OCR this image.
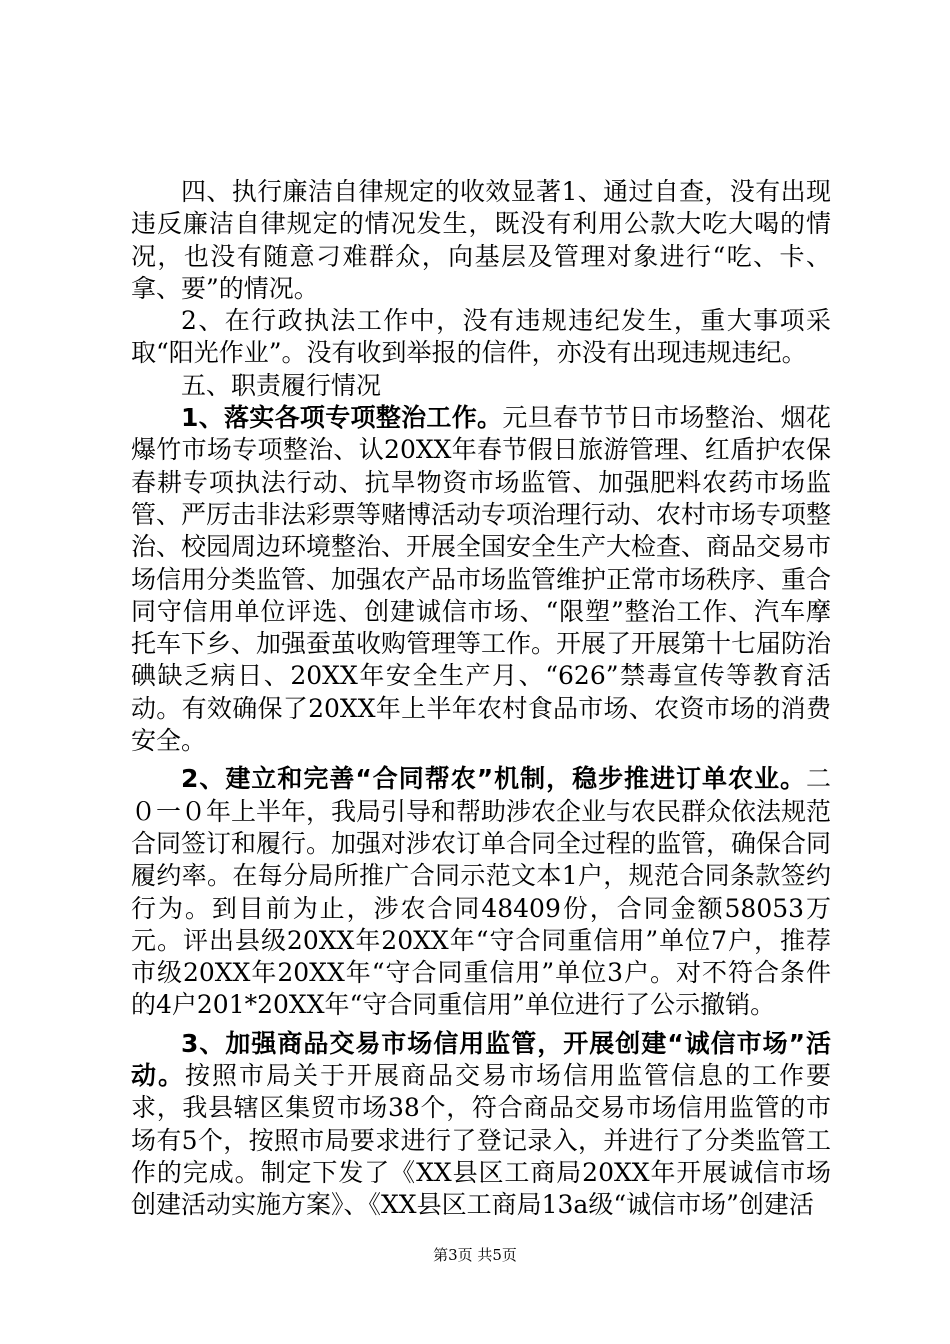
四、执行廉洁自律规定的收效显著1、通过自查，没有出现违反廉洁自律规定的情况发生，既没有利用公款大吃大喝的情况，也没有随意刁难群众，向基层及管理对象进行“吃、卡、拿、要”的情况。

2、在行政执法工作中，没有违规违纪发生，重大事项采取“阳光作业”。没有收到举报的信件，亦没有出现违规违纪。

五、职责履行情况

1、落实各项专项整治工作。元旦春节节日市场整治、烟花爆竹市场专项整治、认20XX年春节假日旅游管理、红盾护农保春耕专项执法行动、抗旱物资市场监管、加强肥料农药市场监管、严厉击非法彩票等赌博活动专项治理行动、农村市场专项整治、校园周边环境整治、开展全国安全生产大检查、商品交易市场信用分类监管、加强农产品市场监管维护正常市场秩序、重合同守信用单位评选、创建诚信市场、“限塑”整治工作、汽车摩托车下乡、加强蚕茧收购管理等工作。开展了开展第十七届防治碘缺乏病日、20XX年安全生产月、“626”禁毒宣传等教育活动。有效确保了20XX年上半年农村食品市场、农资市场的消费安全。

2、建立和完善“合同帮农”机制，稳步推进订单农业。二０一０年上半年，我局引导和帮助涉农企业与农民群众依法规范合同签订和履行。加强对涉农订单合同全过程的监管，确保合同履约率。在每分局所推广合同示范文本1户，规范合同条款签约行为。到目前为止，涉农合同48409份，合同金额58053万元。评出县级20XX年20XX年“守合同重信用”单位7户，推荐市级20XX年20XX年“守合同重信用”单位3户。对不符合条件的4户201*20XX年“守合同重信用”单位进行了公示撤销。

3、加强商品交易市场信用监管，开展创建“诚信市场”活动。按照市局关于开展商品交易市场信用监管信息的工作要求，我县辖区集贸市场38个，符合商品交易市场信用监管的市场有5个，按照市局要求进行了登记录入，并进行了分类监管工作的完成。制定下发了《XX县区工商局20XX年开展诚信市场创建活动实施方案》、《XX县区工商局13a级“诚信市场”创建活

第3页 共5页
